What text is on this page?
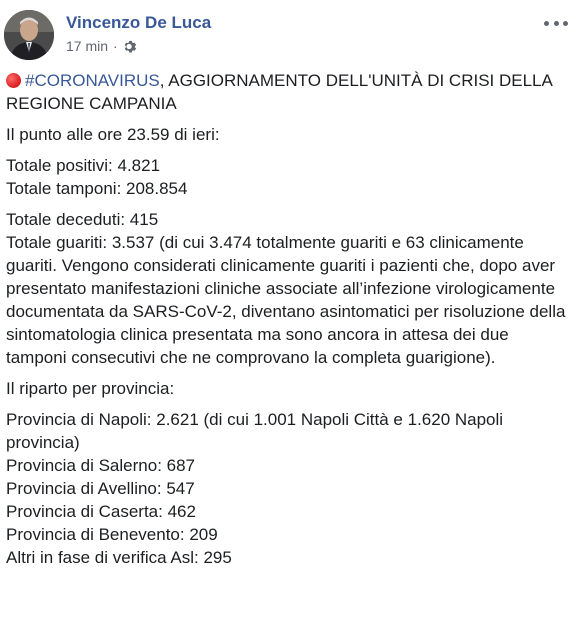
Vincenzo De Luca
17 min ·

#CORONAVIRUS, AGGIORNAMENTO DELL'UNITÀ DI CRISI DELLA REGIONE CAMPANIA

Il punto alle ore 23.59 di ieri:

Totale positivi: 4.821
Totale tamponi: 208.854

Totale deceduti: 415
Totale guariti: 3.537 (di cui 3.474 totalmente guariti e 63 clinicamente guariti. Vengono considerati clinicamente guariti i pazienti che, dopo aver presentato manifestazioni cliniche associate all’infezione virologicamente documentata da SARS-CoV-2, diventano asintomatici per risoluzione della sintomatologia clinica presentata ma sono ancora in attesa dei due tamponi consecutivi che ne comprovano la completa guarigione).

Il riparto per provincia:

Provincia di Napoli: 2.621 (di cui 1.001 Napoli Città e 1.620 Napoli provincia)
Provincia di Salerno: 687
Provincia di Avellino: 547
Provincia di Caserta: 462
Provincia di Benevento: 209
Altri in fase di verifica Asl: 295
